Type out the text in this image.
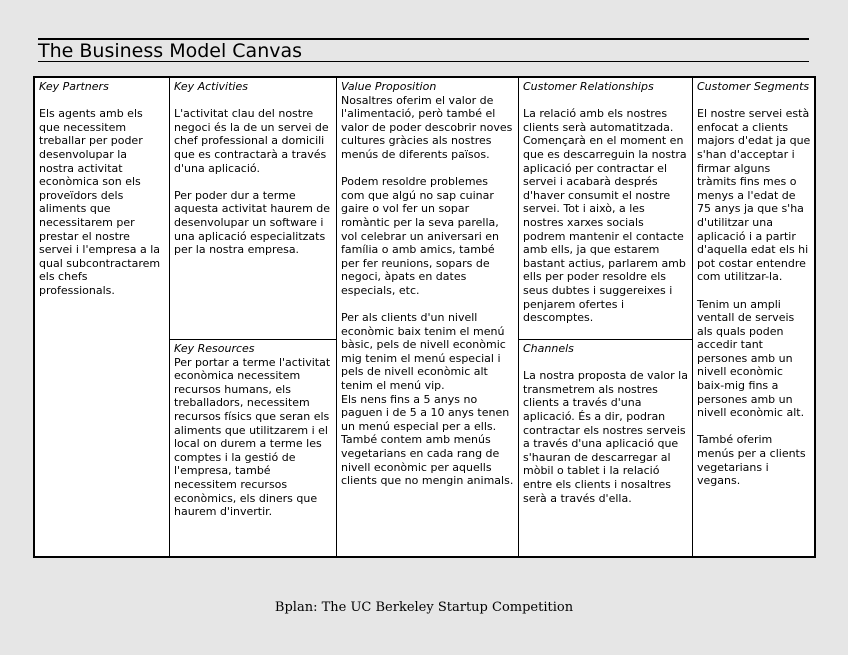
The Business Model Canvas
Key Partners

Els agents amb els que necessitem treballar per poder desenvolupar la nostra activitat econòmica son els proveïdors dels aliments que necessitarem per prestar el nostre servei i l'empresa a la qual subcontractarem els chefs professionals.

Key Activities

L'activitat clau del nostre negoci és la de un servei de chef professional a domicili que es contractarà a través d'una aplicació.

Per poder dur a terme aquesta activitat haurem de desenvolupar un software i una aplicació especialitzats per la nostra empresa.

Key Resources

Per portar a terme l'activitat econòmica necessitem recursos humans, els treballadors, necessitem recursos físics que seran els aliments que utilitzarem i el local on durem a terme les comptes i la gestió de l'empresa, també necessitem recursos econòmics, els diners que haurem d'invertir.

Value Proposition

Nosaltres oferim el valor de l'alimentació, però també el valor de poder descobrir noves cultures gràcies als nostres menús de diferents països.

Podem resoldre problemes com que algú no sap cuinar gaire o vol fer un sopar romàntic per la seva parella, vol celebrar un aniversari en família o amb amics, també per fer reunions, sopars de negoci, àpats en dates especials, etc.

Per als clients d'un nivell econòmic baix tenim el menú bàsic, pels de nivell econòmic mig tenim el menú especial i pels de nivell econòmic alt tenim el menú vip.

Els nens fins a 5 anys no paguen i de 5 a 10 anys tenen un menú especial per a ells.

També contem amb menús vegetarians en cada rang de nivell econòmic per aquells clients que no mengin animals.

Customer Relationships

La relació amb els nostres clients serà automatitzada. Començarà en el moment en que es descarreguin la nostra aplicació per contractar el servei i acabarà després d'haver consumit el nostre servei. Tot i això, a les nostres xarxes socials podrem mantenir el contacte amb ells, ja que estarem bastant actius, parlarem amb ells per poder resoldre els seus dubtes i suggereixes i penjarem ofertes i descomptes.

Channels

La nostra proposta de valor la transmetrem als nostres clients a través d'una aplicació. És a dir, podran contractar els nostres serveis a través d'una aplicació que s'hauran de descarregar al mòbil o tablet i la relació entre els clients i nosaltres serà a través d'ella.

Customer Segments

El nostre servei està enfocat a clients majors d'edat ja que s'han d'acceptar i firmar alguns tràmits fins mes o menys a l'edat de 75 anys ja que s'ha d'utilitzar una aplicació i a partir d'aquella edat els hi pot costar entendre com utilitzar-la.

Tenim un ampli ventall de serveis als quals poden accedir tant persones amb un nivell econòmic baix-mig fins a persones amb un nivell econòmic alt.

També oferim menús per a clients vegetarians i vegans.

Bplan: The UC Berkeley Startup Competition
